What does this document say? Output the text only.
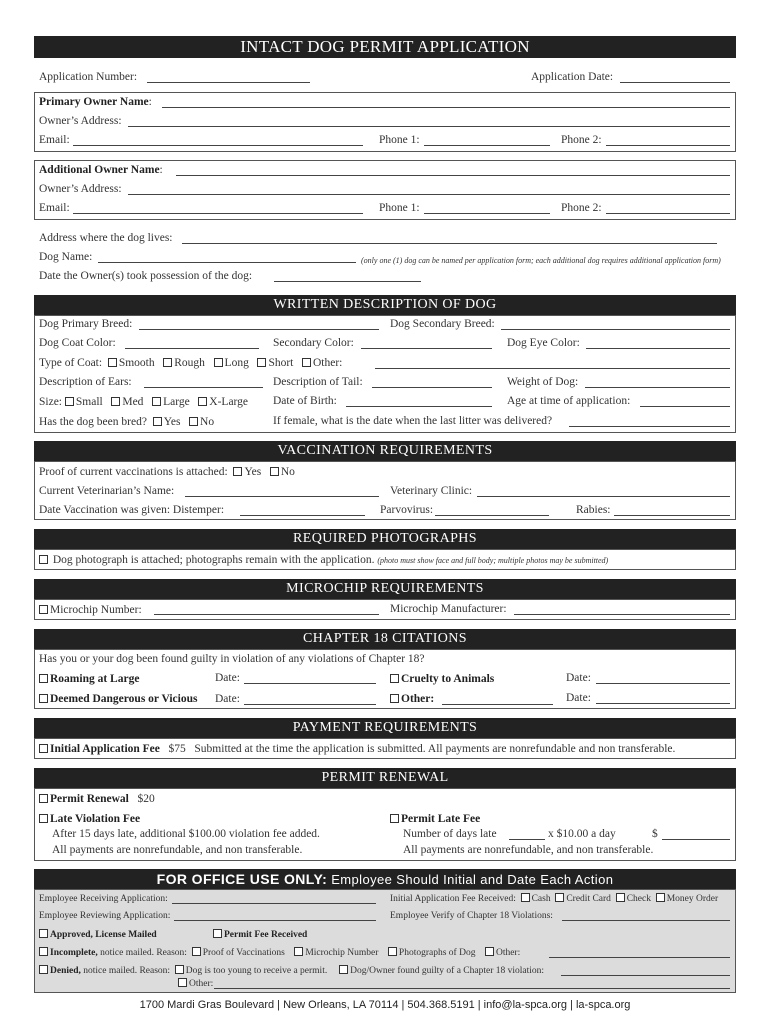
INTACT DOG PERMIT APPLICATION
Application Number:	Application Date:
Primary Owner Name:
Owner’s Address:
Email:	Phone 1:	Phone 2:
Additional Owner Name:
Owner’s Address:
Email:	Phone 1:	Phone 2:
Address where the dog lives:
Dog Name:	(only one (1) dog can be named per application form; each additional dog requires additional application form)
Date the Owner(s) took possession of the dog:
WRITTEN DESCRIPTION OF DOG
Dog Primary Breed:	Dog Secondary Breed:
Dog Coat Color:	Secondary Color:	Dog Eye Color:
Type of Coat: Smooth Rough Long Short Other:
Description of Ears:	Description of Tail:	Weight of Dog:
Size: Small Med Large X-Large Date of Birth:	Age at time of application:
Has the dog been bred? Yes No	If female, what is the date when the last litter was delivered?
VACCINATION REQUIREMENTS
Proof of current vaccinations is attached: Yes No
Current Veterinarian’s Name:	Veterinary Clinic:
Date Vaccination was given: Distemper:	Parvovirus:	Rabies:
REQUIRED PHOTOGRAPHS
Dog photograph is attached; photographs remain with the application. (photo must show face and full body; multiple photos may be submitted)
MICROCHIP REQUIREMENTS
Microchip Number:	Microchip Manufacturer:
CHAPTER 18 CITATIONS
Has you or your dog been found guilty in violation of any violations of Chapter 18?
Roaming at Large	Date:	Cruelty to Animals	Date:
Deemed Dangerous or Vicious Date:	Other:	Date:
PAYMENT REQUIREMENTS
Initial Application Fee $75 Submitted at the time the application is submitted. All payments are nonrefundable and non transferable.
PERMIT RENEWAL
Permit Renewal $20
Late Violation Fee
After 15 days late, additional $100.00 violation fee added.
All payments are nonrefundable, and non transferable.
Permit Late Fee
Number of days late	x $10.00 a day	$
All payments are nonrefundable, and non transferable.
FOR OFFICE USE ONLY: Employee Should Initial and Date Each Action
Employee Receiving Application:	Initial Application Fee Received: Cash Credit Card Check Money Order
Employee Reviewing Application:	Employee Verify of Chapter 18 Violations:
Approved, License Mailed	Permit Fee Received
Incomplete, notice mailed. Reason: Proof of Vaccinations Microchip Number Photographs of Dog Other:
Denied, notice mailed. Reason: Dog is too young to receive a permit. Dog/Owner found guilty of a Chapter 18 violation:
Other:
1700 Mardi Gras Boulevard | New Orleans, LA 70114 | 504.368.5191 | info@la-spca.org | la-spca.org
